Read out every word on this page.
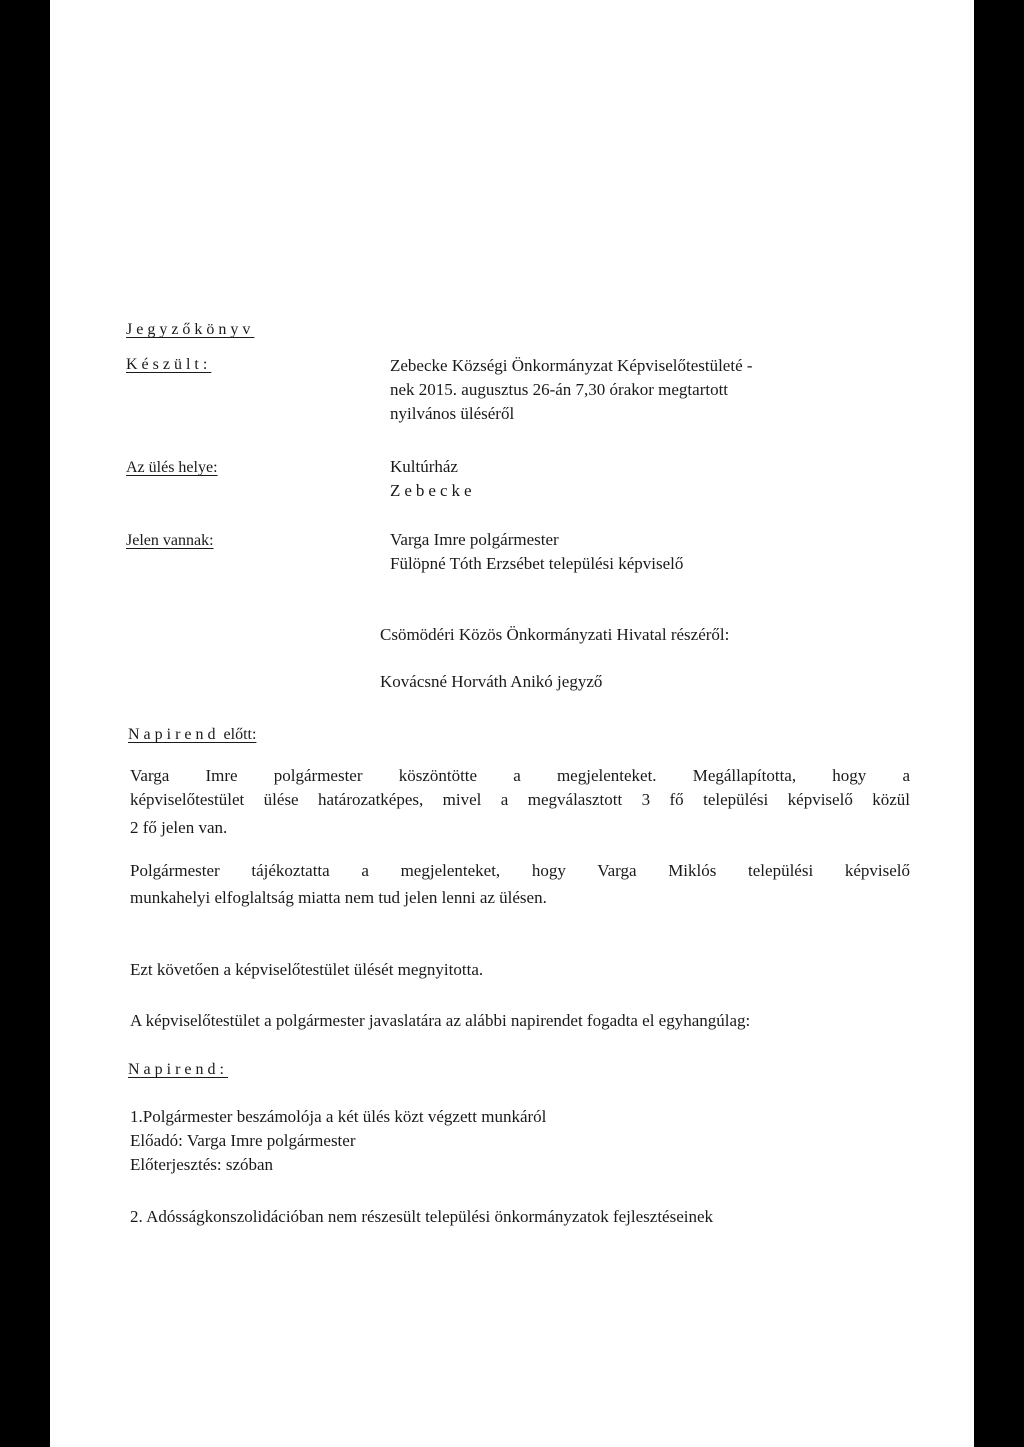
Jegyzőkönyv
Készült:	Zebecke Községi Önkormányzat Képviselőtestületé -
nek 2015. augusztus 26-án 7,30 órakor megtartott
nyilvános üléséről
Az ülés helye:	Kultúrház
Zebecke
Jelen vannak:	Varga Imre polgármester
Fülöpné Tóth Erzsébet települési képviselő
Csömödéri Közös Önkormányzati Hivatal részéről:
Kovácsné Horváth Anikó jegyző
Napirend előtt:
Varga Imre polgármester köszöntötte a megjelenteket. Megállapította, hogy a
képviselőtestület ülése határozatképes, mivel a megválasztott 3 fő települési képviselő közül
2 fő jelen van.
Polgármester tájékoztatta a megjelenteket, hogy Varga Miklós települési képviselő
munkahelyi elfoglaltság miatta nem tud jelen lenni az ülésen.
Ezt követően a képviselőtestület ülését megnyitotta.
A képviselőtestület a polgármester javaslatára az alábbi napirendet fogadta el egyhangúlag:
Napirend:
1.Polgármester beszámolója a két ülés közt végzett munkáról
Előadó: Varga Imre polgármester
Előterjesztés: szóban
2. Adósságkonszolidációban nem részesült települési önkormányzatok fejlesztéseinek
